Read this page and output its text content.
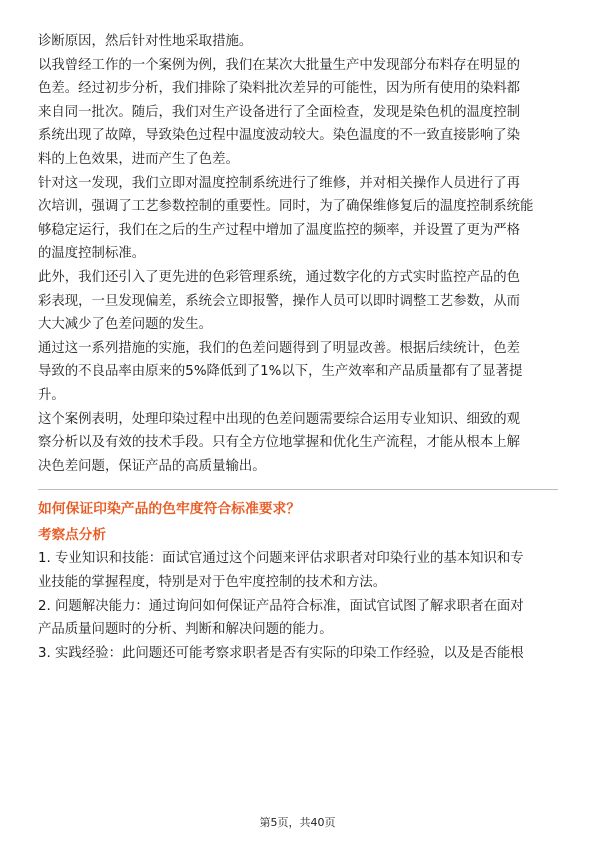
诊断原因，然后针对性地采取措施。
以我曾经工作的一个案例为例，我们在某次大批量生产中发现部分布料存在明显的
色差。经过初步分析，我们排除了染料批次差异的可能性，因为所有使用的染料都
来自同一批次。随后，我们对生产设备进行了全面检查，发现是染色机的温度控制
系统出现了故障，导致染色过程中温度波动较大。染色温度的不一致直接影响了染
料的上色效果，进而产生了色差。
针对这一发现，我们立即对温度控制系统进行了维修，并对相关操作人员进行了再
次培训，强调了工艺参数控制的重要性。同时，为了确保维修复后的温度控制系统能
够稳定运行，我们在之后的生产过程中增加了温度监控的频率，并设置了更为严格
的温度控制标准。
此外，我们还引入了更先进的色彩管理系统，通过数字化的方式实时监控产品的色
彩表现，一旦发现偏差，系统会立即报警，操作人员可以即时调整工艺参数，从而
大大减少了色差问题的发生。
通过这一系列措施的实施，我们的色差问题得到了明显改善。根据后续统计，色差
导致的不良品率由原来的5%降低到了1%以下，生产效率和产品质量都有了显著提
升。
这个案例表明，处理印染过程中出现的色差问题需要综合运用专业知识、细致的观
察分析以及有效的技术手段。只有全方位地掌握和优化生产流程，才能从根本上解
决色差问题，保证产品的高质量输出。
如何保证印染产品的色牢度符合标准要求？
考察点分析
1. 专业知识和技能：面试官通过这个问题来评估求职者对印染行业的基本知识和专
业技能的掌握程度，特别是对于色牢度控制的技术和方法。
2. 问题解决能力：通过询问如何保证产品符合标准，面试官试图了解求职者在面对
产品质量问题时的分析、判断和解决问题的能力。
3. 实践经验：此问题还可能考察求职者是否有实际的印染工作经验，以及是否能根
第5页，共40页
